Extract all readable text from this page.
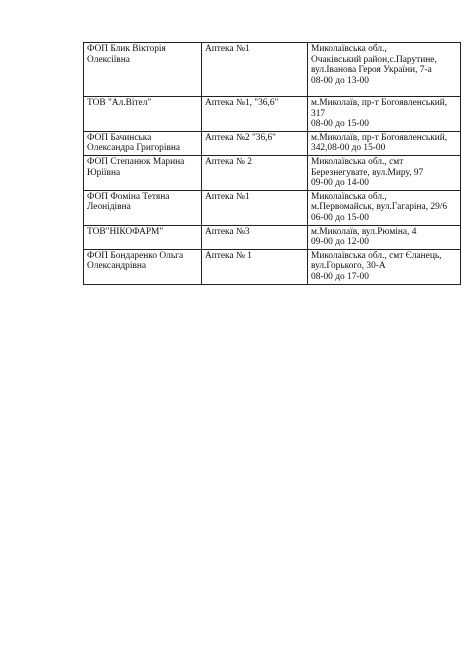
ФОП Блик Вікторія
Олексіївна	Аптека №1	Миколаївська обл.,
Очаківський район,с.Парутине,
вул.Іванова Героя України, 7-а
08-00 до 13-00

ТОВ "Ал.Вітел"	Аптека №1, "36,6"	м.Миколаїв, пр-т Богоявленський,
317
08-00 до 15-00

ФОП Бачинська
Олександра Григорівна	Аптека №2 "36,6"	м.Миколаїв, пр-т Богоявленський,
342,08-00 до 15-00

ФОП Степанюк Марина
Юріївна	Аптека № 2	Миколаївська обл., смт
Березнегувате, вул.Миру, 97
09-00 до 14-00

ФОП Фоміна Тетяна
Леонідівна	Аптека №1	Миколаївська обл.,
м.Первомайськ, вул.Гагаріна, 29/6
06-00 до 15-00

ТОВ"НІКОФАРМ"	Аптека №3	м.Миколаїв, вул.Рюміна, 4
09-00 до 12-00

ФОП Бондаренко Ольга
Олександрівна	Аптека № 1	Миколаївська обл., смт Єланець,
вул.Горького, 30-А
08-00 до 17-00
